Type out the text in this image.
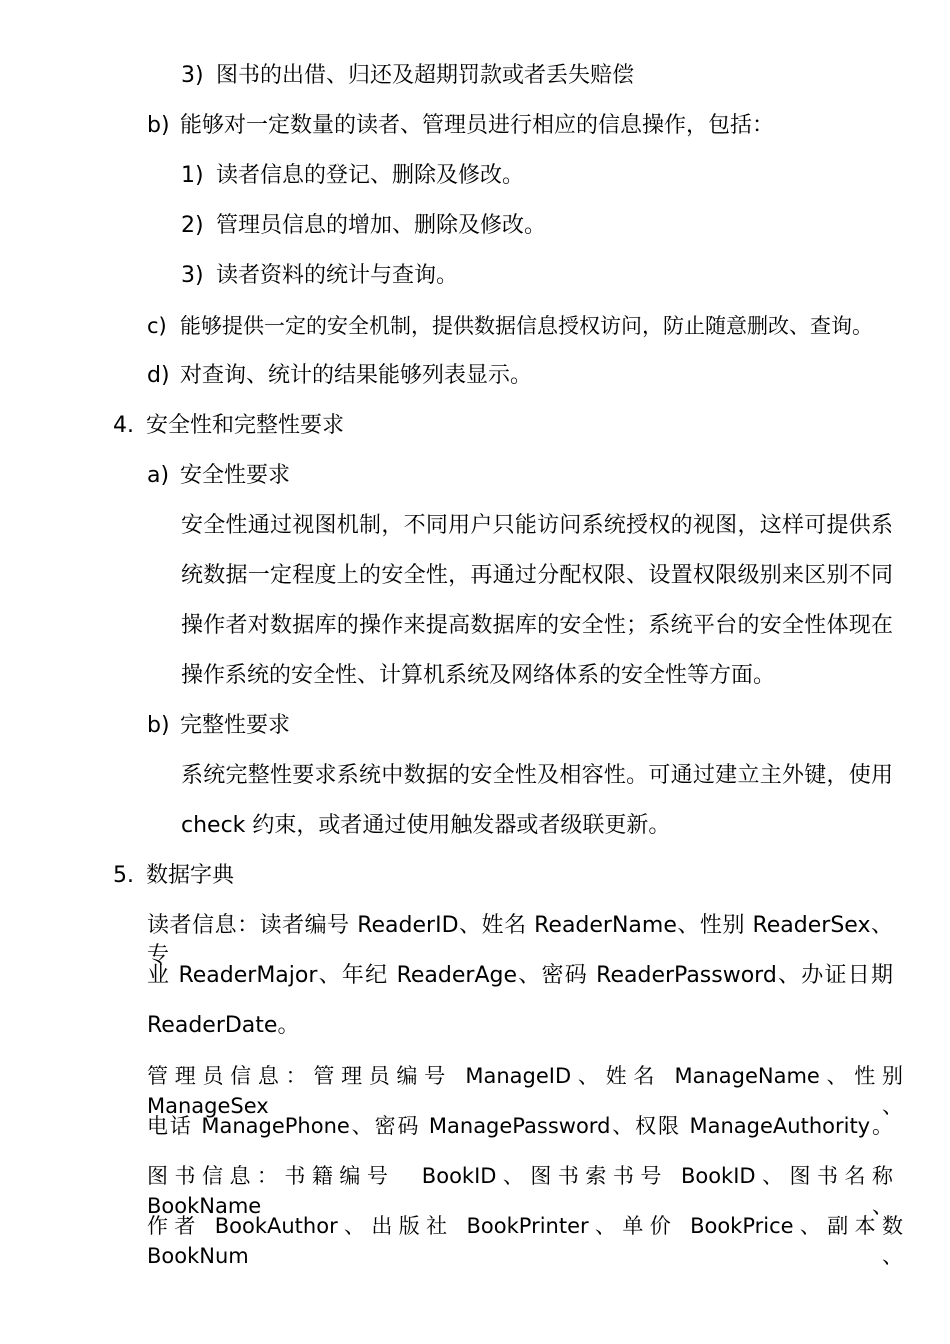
3) 图书的出借、归还及超期罚款或者丢失赔偿
b) 能够对一定数量的读者、管理员进行相应的信息操作，包括：
1) 读者信息的登记、删除及修改。
2) 管理员信息的增加、删除及修改。
3) 读者资料的统计与查询。
c) 能够提供一定的安全机制，提供数据信息授权访问，防止随意删改、查询。
d) 对查询、统计的结果能够列表显示。
4. 安全性和完整性要求
a) 安全性要求
安全性通过视图机制，不同用户只能访问系统授权的视图，这样可提供系
统数据一定程度上的安全性，再通过分配权限、设置权限级别来区别不同
操作者对数据库的操作来提高数据库的安全性；系统平台的安全性体现在
操作系统的安全性、计算机系统及网络体系的安全性等方面。
b) 完整性要求
系统完整性要求系统中数据的安全性及相容性。可通过建立主外键，使用
check 约束，或者通过使用触发器或者级联更新。
5. 数据字典
读者信息：读者编号 ReaderID、姓名 ReaderName、性别 ReaderSex、专
业 ReaderMajor、年纪 ReaderAge、密码 ReaderPassword、办证日期
ReaderDate。
管理员信息：管理员编号 ManageID、姓名 ManageName、性别 ManageSex、
电话 ManagePhone、密码 ManagePassword、权限 ManageAuthority。
图书信息：书籍编号　BookID、图书索书号 BookID、图书名称　BookName、
作者 BookAuthor、出版社 BookPrinter、单价 BookPrice、副本数 BookNum、
